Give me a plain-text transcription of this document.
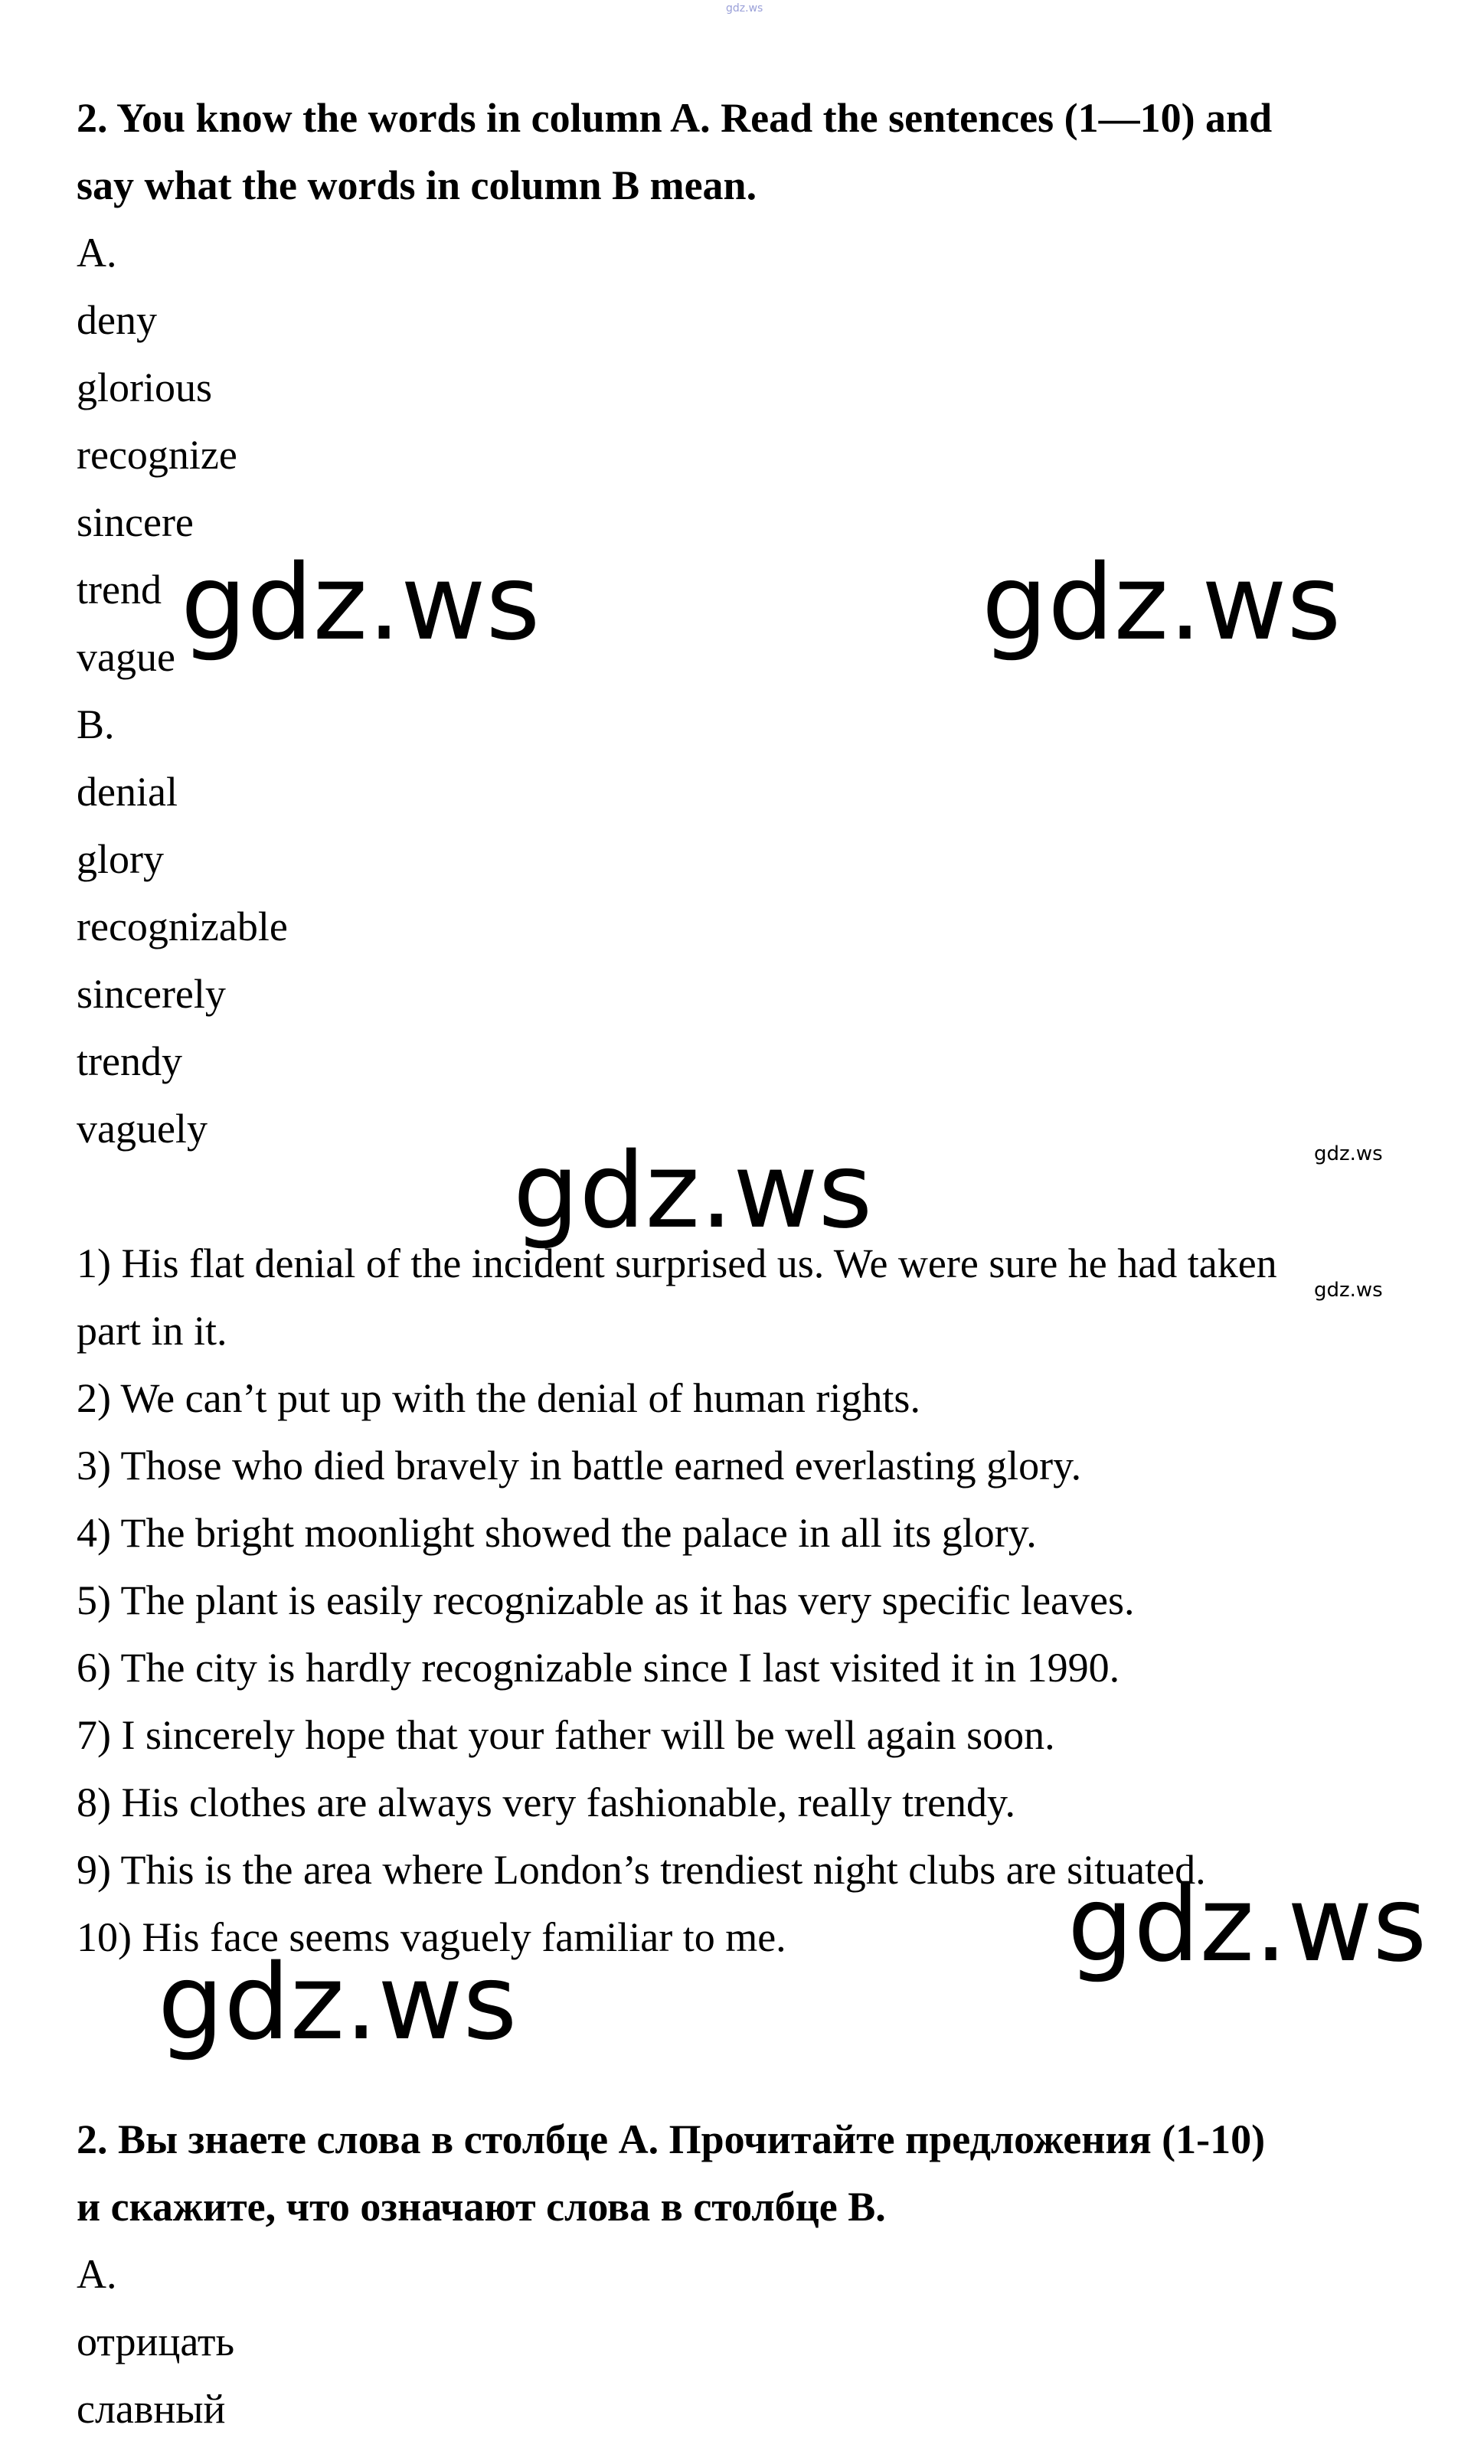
gdz.ws
2. You know the words in column A. Read the sentences (1—10) and
say what the words in column B mean.
A.
deny
glorious
recognize
sincere
trend
vague
B.
denial
glory
recognizable
sincerely
trendy
vaguely
1) His flat denial of the incident surprised us. We were sure he had taken
part in it.
2) We can’t put up with the denial of human rights.
3) Those who died bravely in battle earned everlasting glory.
4) The bright moonlight showed the palace in all its glory.
5) The plant is easily recognizable as it has very specific leaves.
6) The city is hardly recognizable since I last visited it in 1990.
7) I sincerely hope that your father will be well again soon.
8) His clothes are always very fashionable, really trendy.
9) This is the area where London’s trendiest night clubs are situated.
10) His face seems vaguely familiar to me.
2. Вы знаете слова в столбце А. Прочитайте предложения (1-10)
и скажите, что означают слова в столбце В.
А.
отрицать
славный
gdz.ws	gdz.ws
gdz.ws
gdz.ws
gdz.ws
gdz.ws
gdz.ws
